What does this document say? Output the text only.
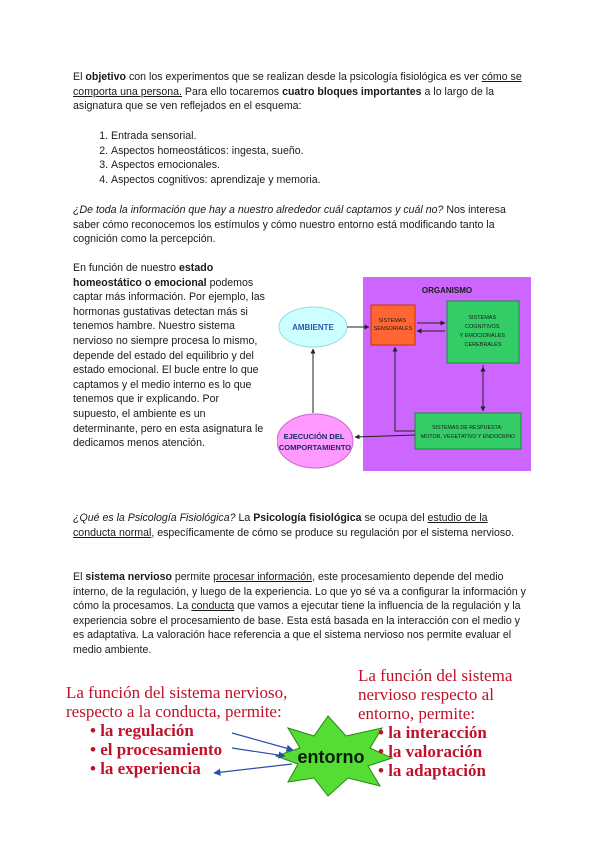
El objetivo con los experimentos que se realizan desde la psicología fisiológica es ver cómo se comporta una persona. Para ello tocaremos cuatro bloques importantes a lo largo de la asignatura que se ven reflejados en el esquema:

1. Entrada sensorial.
2. Aspectos homeostáticos: ingesta, sueño.
3. Aspectos emocionales.
4. Aspectos cognitivos: aprendizaje y memoria.

¿De toda la información que hay a nuestro alrededor cuál captamos y cuál no? Nos interesa saber cómo reconocemos los estímulos y cómo nuestro entorno está modificando tanto la cognición como la percepción.

En función de nuestro estado homeostático o emocional podemos captar más información. Por ejemplo, las hormonas gustativas detectan más si tenemos hambre. Nuestro sistema nervioso no siempre procesa lo mismo, depende del estado del equilibrio y del estado emocional. El bucle entre lo que captamos y el medio interno es lo que tenemos que ir explicando. Por supuesto, el ambiente es un determinante, pero en esta asignatura le dedicamos menos atención.

ORGANISMO
AMBIENTE
SISTEMAS SENSORIALES
SISTEMAS COGNITIVOS Y EMOCIONALES CEREBRALES
SISTEMAS DE RESPUESTA: MOTOR, VEGETATIVO Y ENDOCRINO
EJECUCIÓN DEL COMPORTAMIENTO

¿Qué es la Psicología Fisiológica? La Psicología fisiológica se ocupa del estudio de la conducta normal, específicamente de cómo se produce su regulación por el sistema nervioso.

El sistema nervioso permite procesar información, este procesamiento depende del medio interno, de la regulación, y luego de la experiencia. Lo que yo sé va a configurar la información y cómo la procesamos. La conducta que vamos a ejecutar tiene la influencia de la regulación y la experiencia sobre el procesamiento de base. Esta está basada en la interacción con el medio y es adaptativa. La valoración hace referencia a que el sistema nervioso nos permite evaluar el medio ambiente.

entorno
La función del sistema nervioso,
respecto a la conducta, permite:
• la regulación
• el procesamiento
• la experiencia
La función del sistema
nervioso respecto al
entorno, permite:
• la interacción
• la valoración
• la adaptación
